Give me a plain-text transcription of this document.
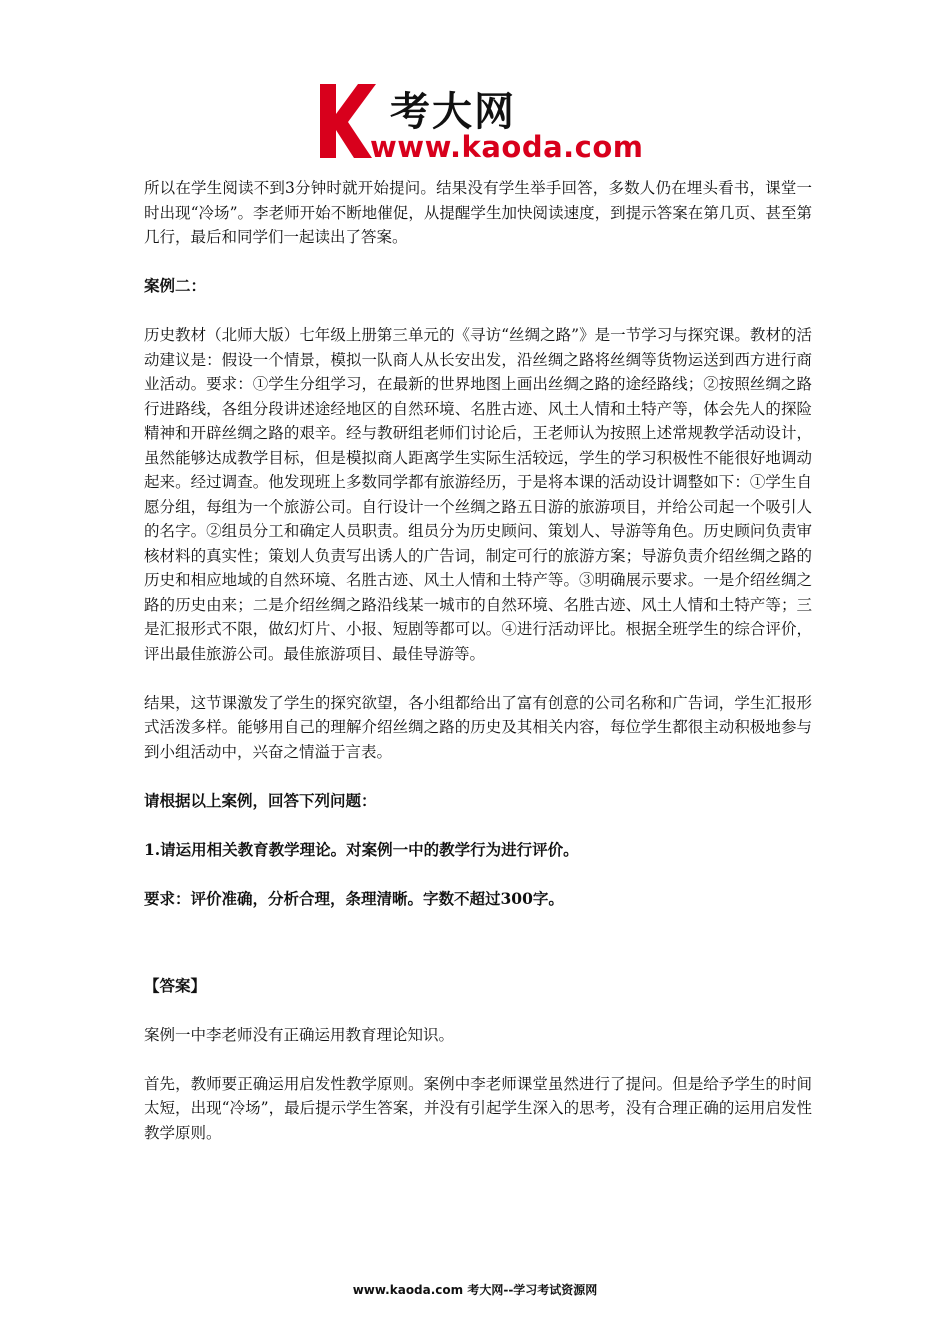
考大网
www.kaoda.com

所以在学生阅读不到3分钟时就开始提问。结果没有学生举手回答，多数人仍在埋头看书，课堂一时出现“冷场”。李老师开始不断地催促，从提醒学生加快阅读速度，到提示答案在第几页、甚至第几行，最后和同学们一起读出了答案。

案例二：

历史教材（北师大版）七年级上册第三单元的《寻访“丝绸之路”》是一节学习与探究课。教材的活动建议是：假设一个情景，模拟一队商人从长安出发，沿丝绸之路将丝绸等货物运送到西方进行商业活动。要求：①学生分组学习，在最新的世界地图上画出丝绸之路的途经路线；②按照丝绸之路行进路线，各组分段讲述途经地区的自然环境、名胜古迹、风土人情和土特产等，体会先人的探险精神和开辟丝绸之路的艰辛。经与教研组老师们讨论后，王老师认为按照上述常规教学活动设计，虽然能够达成教学目标，但是模拟商人距离学生实际生活较远，学生的学习积极性不能很好地调动起来。经过调查。他发现班上多数同学都有旅游经历，于是将本课的活动设计调整如下：①学生自愿分组，每组为一个旅游公司。自行设计一个丝绸之路五日游的旅游项目，并给公司起一个吸引人的名字。②组员分工和确定人员职责。组员分为历史顾问、策划人、导游等角色。历史顾问负责审核材料的真实性；策划人负责写出诱人的广告词，制定可行的旅游方案；导游负责介绍丝绸之路的历史和相应地域的自然环境、名胜古迹、风土人情和土特产等。③明确展示要求。一是介绍丝绸之路的历史由来；二是介绍丝绸之路沿线某一城市的自然环境、名胜古迹、风土人情和土特产等；三是汇报形式不限，做幻灯片、小报、短剧等都可以。④进行活动评比。根据全班学生的综合评价，评出最佳旅游公司。最佳旅游项目、最佳导游等。

结果，这节课激发了学生的探究欲望，各小组都给出了富有创意的公司名称和广告词，学生汇报形式活泼多样。能够用自己的理解介绍丝绸之路的历史及其相关内容，每位学生都很主动积极地参与到小组活动中，兴奋之情溢于言表。

请根据以上案例，回答下列问题：

1.请运用相关教育教学理论。对案例一中的教学行为进行评价。

要求：评价准确，分析合理，条理清晰。字数不超过300字。

【答案】

案例一中李老师没有正确运用教育理论知识。

首先，教师要正确运用启发性教学原则。案例中李老师课堂虽然进行了提问。但是给予学生的时间太短，出现“冷场”，最后提示学生答案，并没有引起学生深入的思考，没有合理正确的运用启发性教学原则。

www.kaoda.com 考大网--学习考试资源网
